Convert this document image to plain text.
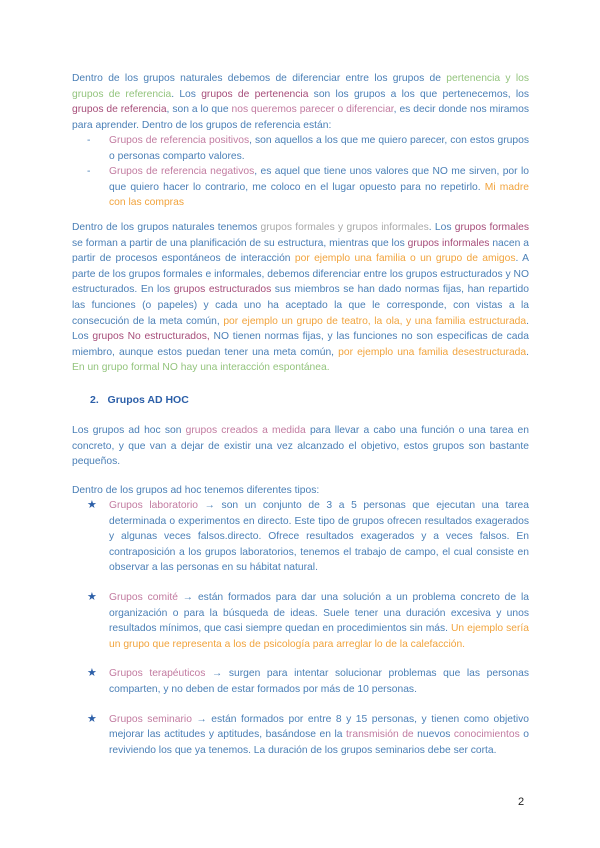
Dentro de los grupos naturales debemos de diferenciar entre los grupos de pertenencia y los grupos de referencia. Los grupos de pertenencia son los grupos a los que pertenecemos, los grupos de referencia, son a lo que nos queremos parecer o diferenciar, es decir donde nos miramos para aprender. Dentro de los grupos de referencia están:

- Grupos de referencia positivos, son aquellos a los que me quiero parecer, con estos grupos o personas comparto valores.
- Grupos de referencia negativos, es aquel que tiene unos valores que NO me sirven, por lo que quiero hacer lo contrario, me coloco en el lugar opuesto para no repetirlo. Mi madre con las compras

Dentro de los grupos naturales tenemos grupos formales y grupos informales. Los grupos formales se forman a partir de una planificación de su estructura, mientras que los grupos informales nacen a partir de procesos espontáneos de interacción por ejemplo una familia o un grupo de amigos. A parte de los grupos formales e informales, debemos diferenciar entre los grupos estructurados y NO estructurados. En los grupos estructurados sus miembros se han dado normas fijas, han repartido las funciones (o papeles) y cada uno ha aceptado la que le corresponde, con vistas a la consecución de la meta común, por ejemplo un grupo de teatro, la ola, y una familia estructurada. Los grupos No estructurados, NO tienen normas fijas, y las funciones no son especificas de cada miembro, aunque estos puedan tener una meta común, por ejemplo una familia desestructurada. En un grupo formal NO hay una interacción espontánea.

2. Grupos AD HOC

Los grupos ad hoc son grupos creados a medida para llevar a cabo una función o una tarea en concreto, y que van a dejar de existir una vez alcanzado el objetivo, estos grupos son bastante pequeños.

Dentro de los grupos ad hoc tenemos diferentes tipos:

★ Grupos laboratorio → son un conjunto de 3 a 5 personas que ejecutan una tarea determinada o experimentos en directo. Este tipo de grupos ofrecen resultados exagerados y algunas veces falsos.directo. Ofrece resultados exagerados y a veces falsos. En contraposición a los grupos laboratorios, tenemos el trabajo de campo, el cual consiste en observar a las personas en su hábitat natural.
★ Grupos comité → están formados para dar una solución a un problema concreto de la organización o para la búsqueda de ideas. Suele tener una duración excesiva y unos resultados mínimos, que casi siempre quedan en procedimientos sin más. Un ejemplo sería un grupo que representa a los de psicología para arreglar lo de la calefacción.
★ Grupos terapéuticos → surgen para intentar solucionar problemas que las personas comparten, y no deben de estar formados por más de 10 personas.
★ Grupos seminario → están formados por entre 8 y 15 personas, y tienen como objetivo mejorar las actitudes y aptitudes, basándose en la transmisión de nuevos conocimientos o reviviendo los que ya tenemos. La duración de los grupos seminarios debe ser corta.
2
